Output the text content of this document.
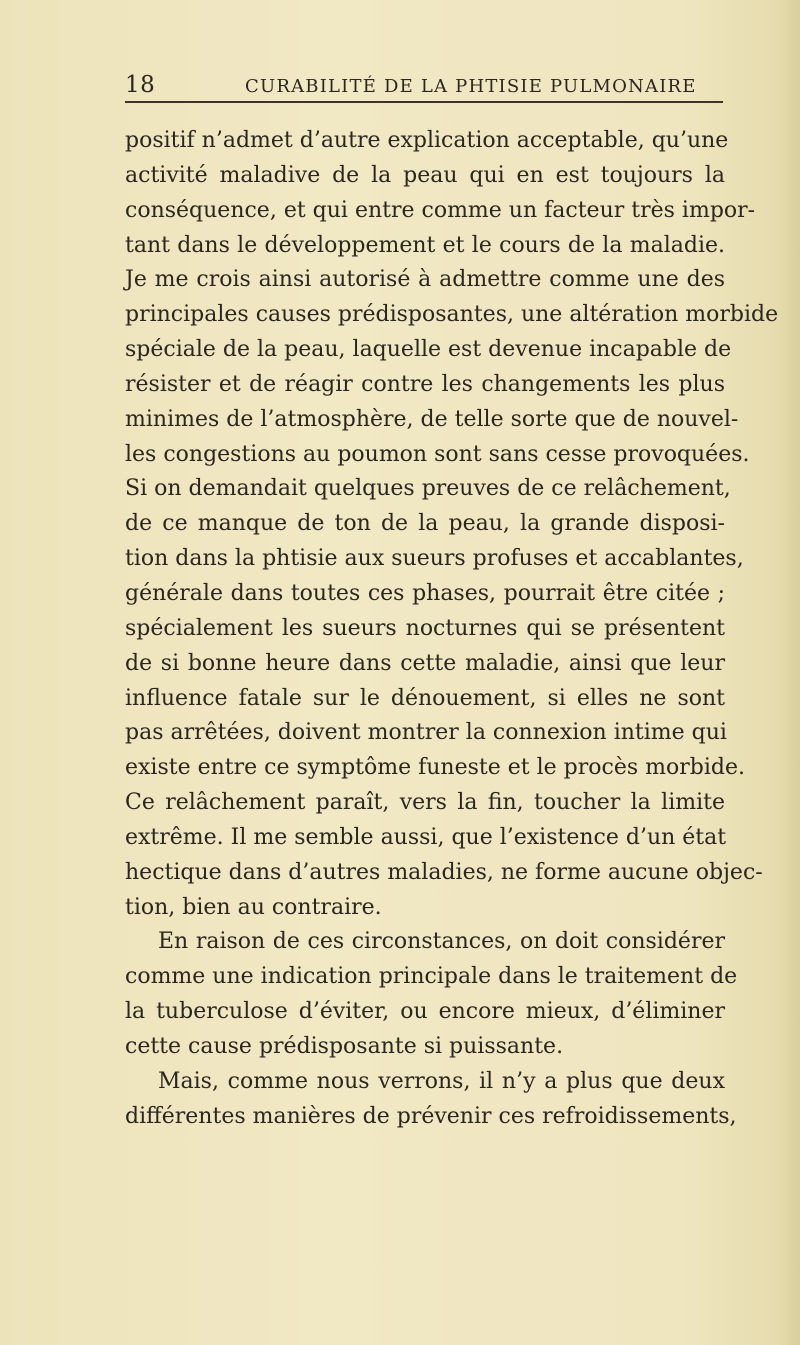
18	CURABILITÉ DE LA PHTISIE PULMONAIRE
positif n’admet d’autre explication acceptable, qu’une
activité maladive de la peau qui en est toujours la
conséquence, et qui entre comme un facteur très impor-
tant dans le développement et le cours de la maladie.
Je me crois ainsi autorisé à admettre comme une des
principales causes prédisposantes, une altération morbide
spéciale de la peau, laquelle est devenue incapable de
résister et de réagir contre les changements les plus
minimes de l’atmosphère, de telle sorte que de nouvel-
les congestions au poumon sont sans cesse provoquées.
Si on demandait quelques preuves de ce relâchement,
de ce manque de ton de la peau, la grande disposi-
tion dans la phtisie aux sueurs profuses et accablantes,
générale dans toutes ces phases, pourrait être citée ;
spécialement les sueurs nocturnes qui se présentent
de si bonne heure dans cette maladie, ainsi que leur
influence fatale sur le dénouement, si elles ne sont
pas arrêtées, doivent montrer la connexion intime qui
existe entre ce symptôme funeste et le procès morbide.
Ce relâchement paraît, vers la fin, toucher la limite
extrême. Il me semble aussi, que l’existence d’un état
hectique dans d’autres maladies, ne forme aucune objec-
tion, bien au contraire.
En raison de ces circonstances, on doit considérer
comme une indication principale dans le traitement de
la tuberculose d’éviter, ou encore mieux, d’éliminer
cette cause prédisposante si puissante.
Mais, comme nous verrons, il n’y a plus que deux
différentes manières de prévenir ces refroidissements,
